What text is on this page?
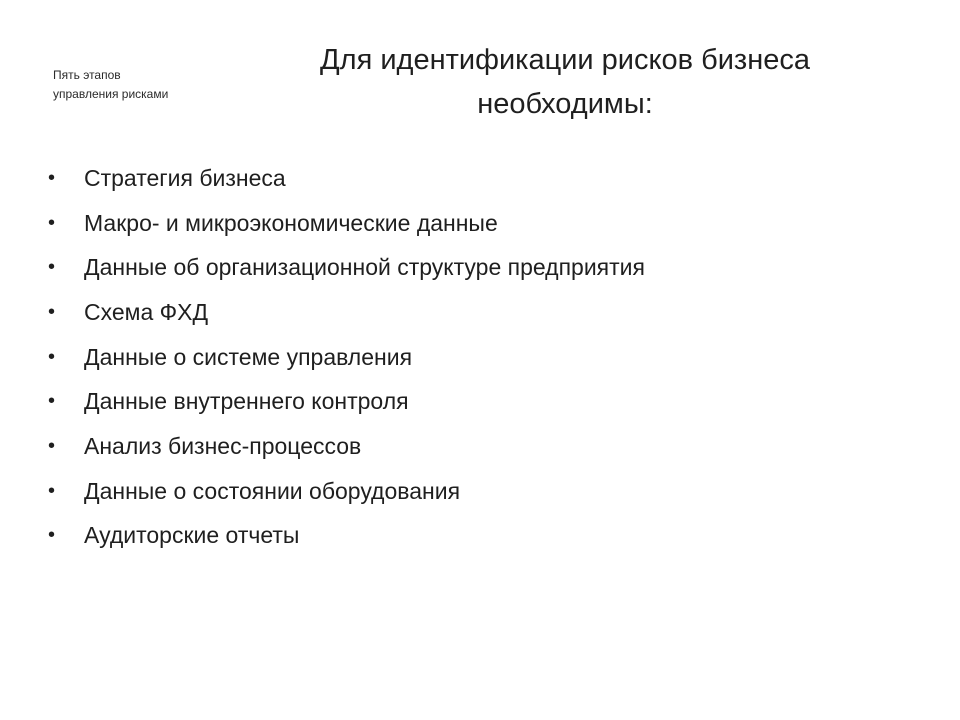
Пять этапов
управления рисками
Для идентификации рисков бизнеса
необходимы:
•	Стратегия бизнеса
•	Макро- и микроэкономические данные
•	Данные об организационной структуре предприятия
•	Схема ФХД
•	Данные о системе управления
•	Данные внутреннего контроля
•	Анализ бизнес-процессов
•	Данные о состоянии оборудования
•	Аудиторские отчеты
